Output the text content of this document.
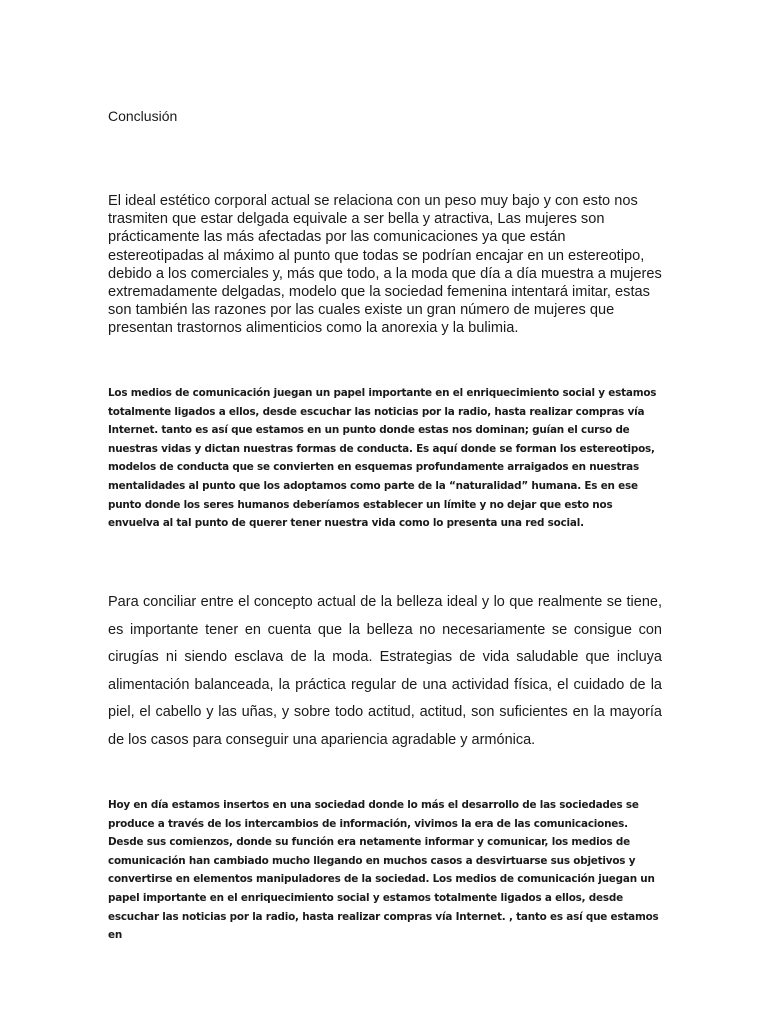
Conclusión

El ideal estético corporal actual se relaciona con un peso muy bajo y con esto nos trasmiten que estar delgada equivale a ser bella y atractiva, Las mujeres son prácticamente las más afectadas por las comunicaciones ya que están estereotipadas al máximo al punto que todas se podrían encajar en un estereotipo, debido a los comerciales y, más que todo, a la moda que día a día muestra a mujeres extremadamente delgadas, modelo que la sociedad femenina intentará imitar, estas son también las razones por las cuales existe un gran número de mujeres que presentan trastornos alimenticios como la anorexia y la bulimia.

Los medios de comunicación juegan un papel importante en el enriquecimiento social y estamos totalmente ligados a ellos, desde escuchar las noticias por la radio, hasta realizar compras vía Internet. tanto es así que estamos en un punto donde estas nos dominan; guían el curso de nuestras vidas y dictan nuestras formas de conducta. Es aquí donde se forman los estereotipos, modelos de conducta que se convierten en esquemas profundamente arraigados en nuestras mentalidades al punto que los adoptamos como parte de la “naturalidad” humana. Es en ese punto donde los seres humanos deberíamos establecer un límite y no dejar que esto nos envuelva al tal punto de querer tener nuestra vida como lo presenta una red social.

Para conciliar entre el concepto actual de la belleza ideal y lo que realmente se tiene, es importante tener en cuenta que la belleza no necesariamente se consigue con cirugías ni siendo esclava de la moda. Estrategias de vida saludable que incluya alimentación balanceada, la práctica regular de una actividad física, el cuidado de la piel, el cabello y las uñas, y sobre todo actitud, actitud, son suficientes en la mayoría de los casos para conseguir una apariencia agradable y armónica.

Hoy en día estamos insertos en una sociedad donde lo más el desarrollo de las sociedades se produce a través de los intercambios de información, vivimos la era de las comunicaciones. Desde sus comienzos, donde su función era netamente informar y comunicar, los medios de comunicación han cambiado mucho llegando en muchos casos a desvirtuarse sus objetivos y convertirse en elementos manipuladores de la sociedad. Los medios de comunicación juegan un papel importante en el enriquecimiento social y estamos totalmente ligados a ellos, desde escuchar las noticias por la radio, hasta realizar compras vía Internet. , tanto es así que estamos en
